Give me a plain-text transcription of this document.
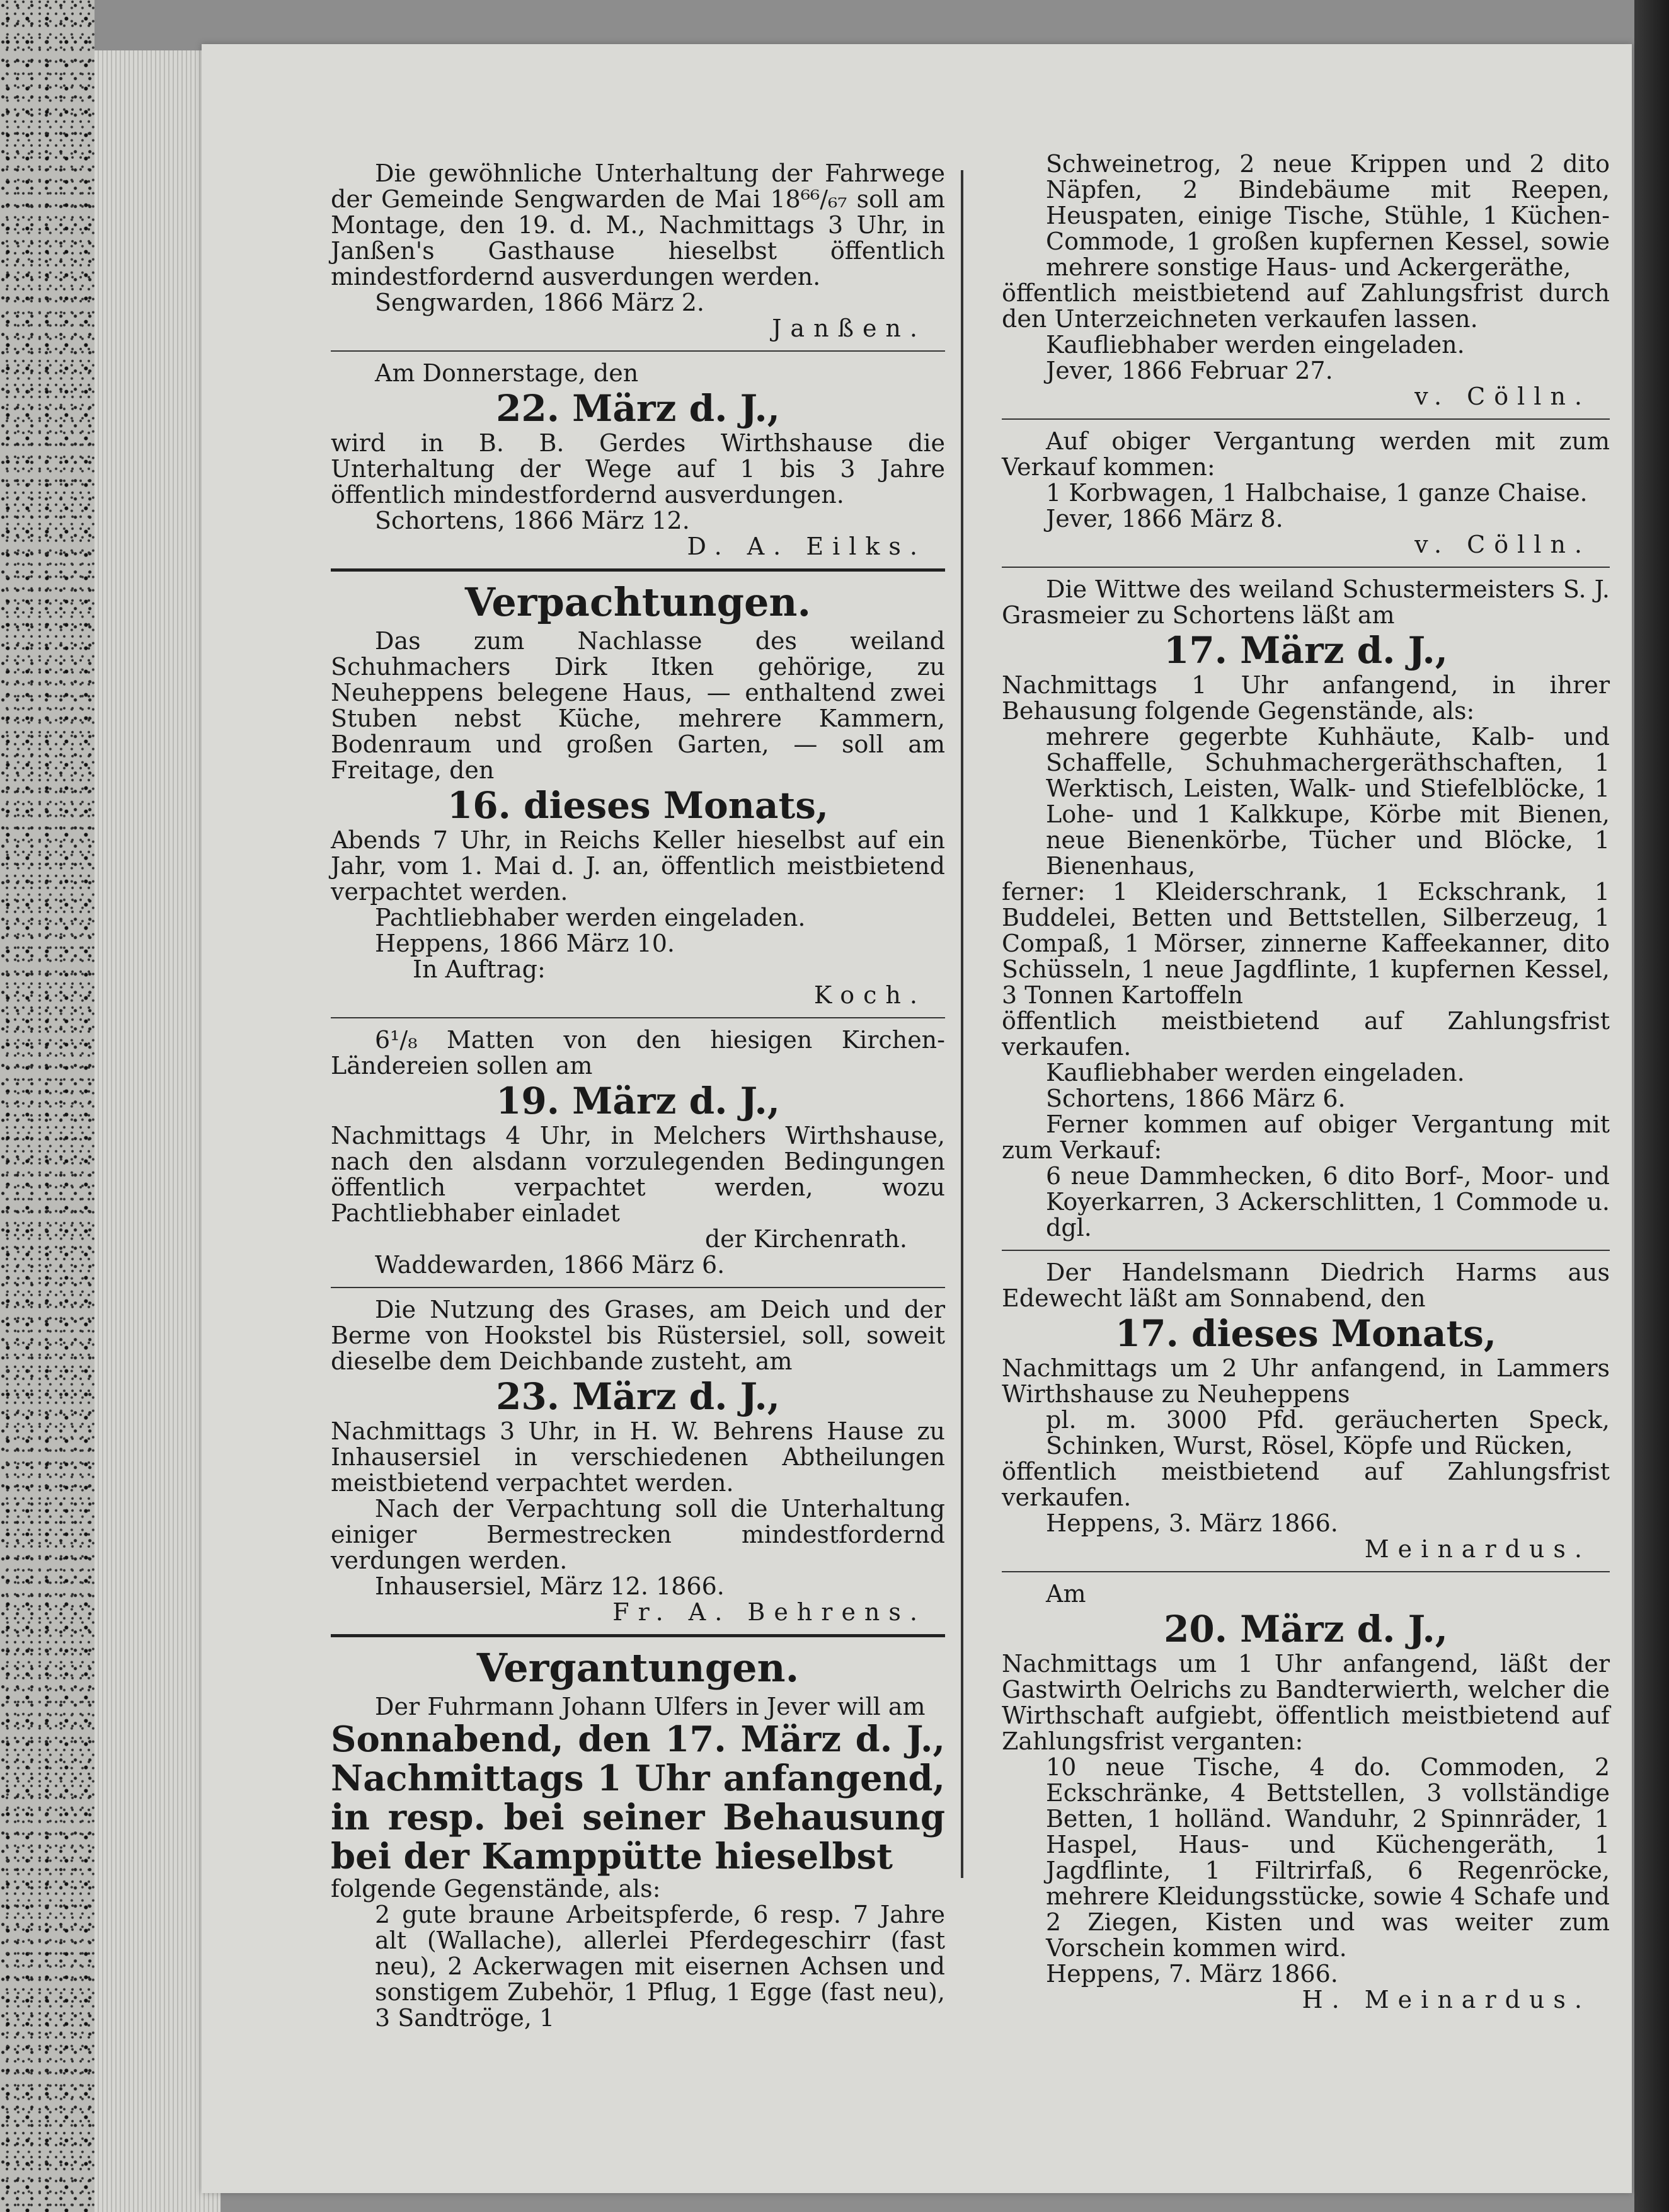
Die gewöhnliche Unterhaltung der Fahrwege der Gemeinde Sengwarden de Mai 18⁶⁶/₆₇ soll am Montage, den 19. d. M., Nachmittags 3 Uhr, in Janßen's Gasthause hieselbst öffentlich mindestfordernd ausverdungen werden.

Sengwarden, 1866 März 2.

Janßen.

Am Donnerstage, den

22. März d. J.,

wird in B. B. Gerdes Wirthshause die Unterhaltung der Wege auf 1 bis 3 Jahre öffentlich mindestfordernd ausverdungen.

Schortens, 1866 März 12.

D. A. Eilks.

Verpachtungen.

Das zum Nachlasse des weiland Schuhmachers Dirk Itken gehörige, zu Neuheppens belegene Haus, — enthaltend zwei Stuben nebst Küche, mehrere Kammern, Bodenraum und großen Garten, — soll am Freitage, den

16. dieses Monats,

Abends 7 Uhr, in Reichs Keller hieselbst auf ein Jahr, vom 1. Mai d. J. an, öffentlich meistbietend verpachtet werden.

Pachtliebhaber werden eingeladen.

Heppens, 1866 März 10.

In Auftrag:

Koch.

6¹/₈ Matten von den hiesigen Kirchen-Ländereien sollen am

19. März d. J.,

Nachmittags 4 Uhr, in Melchers Wirthshause, nach den alsdann vorzulegenden Bedingungen öffentlich verpachtet werden, wozu Pachtliebhaber einladet

der Kirchenrath.

Waddewarden, 1866 März 6.

Die Nutzung des Grases, am Deich und der Berme von Hookstel bis Rüstersiel, soll, soweit dieselbe dem Deichbande zusteht, am

23. März d. J.,

Nachmittags 3 Uhr, in H. W. Behrens Hause zu Inhausersiel in verschiedenen Abtheilungen meistbietend verpachtet werden.

Nach der Verpachtung soll die Unterhaltung einiger Bermestrecken mindestfordernd verdungen werden.

Inhausersiel, März 12. 1866.

Fr. A. Behrens.

Vergantungen.

Der Fuhrmann Johann Ulfers in Jever will am

Sonnabend, den 17. März d. J., Nachmittags 1 Uhr anfangend, in resp. bei seiner Behausung bei der Kamppütte hieselbst

folgende Gegenstände, als:

2 gute braune Arbeitspferde, 6 resp. 7 Jahre alt (Wallache), allerlei Pferdegeschirr (fast neu), 2 Ackerwagen mit eisernen Achsen und sonstigem Zubehör, 1 Pflug, 1 Egge (fast neu), 3 Sandtröge, 1

Schweinetrog, 2 neue Krippen und 2 dito Näpfen, 2 Bindebäume mit Reepen, Heuspaten, einige Tische, Stühle, 1 Küchen-Commode, 1 großen kupfernen Kessel, sowie mehrere sonstige Haus- und Ackergeräthe,

öffentlich meistbietend auf Zahlungsfrist durch den Unterzeichneten verkaufen lassen.

Kaufliebhaber werden eingeladen.

Jever, 1866 Februar 27.

v. Cölln.

Auf obiger Vergantung werden mit zum Verkauf kommen:

1 Korbwagen, 1 Halbchaise, 1 ganze Chaise.

Jever, 1866 März 8.

v. Cölln.

Die Wittwe des weiland Schustermeisters S. J. Grasmeier zu Schortens läßt am

17. März d. J.,

Nachmittags 1 Uhr anfangend, in ihrer Behausung folgende Gegenstände, als:

mehrere gegerbte Kuhhäute, Kalb- und Schaffelle, Schuhmachergeräthschaften, 1 Werktisch, Leisten, Walk- und Stiefelblöcke, 1 Lohe- und 1 Kalkkupe, Körbe mit Bienen, neue Bienenkörbe, Tücher und Blöcke, 1 Bienenhaus,

ferner: 1 Kleiderschrank, 1 Eckschrank, 1 Buddelei, Betten und Bettstellen, Silberzeug, 1 Compaß, 1 Mörser, zinnerne Kaffeekanner, dito Schüsseln, 1 neue Jagdflinte, 1 kupfernen Kessel, 3 Tonnen Kartoffeln

öffentlich meistbietend auf Zahlungsfrist verkaufen.

Kaufliebhaber werden eingeladen.

Schortens, 1866 März 6.

Ferner kommen auf obiger Vergantung mit zum Verkauf:

6 neue Dammhecken, 6 dito Borf-, Moor- und Koyerkarren, 3 Ackerschlitten, 1 Commode u. dgl.

Der Handelsmann Diedrich Harms aus Edewecht läßt am Sonnabend, den

17. dieses Monats,

Nachmittags um 2 Uhr anfangend, in Lammers Wirthshause zu Neuheppens

pl. m. 3000 Pfd. geräucherten Speck, Schinken, Wurst, Rösel, Köpfe und Rücken,

öffentlich meistbietend auf Zahlungsfrist verkaufen.

Heppens, 3. März 1866.

Meinardus.

Am

20. März d. J.,

Nachmittags um 1 Uhr anfangend, läßt der Gastwirth Oelrichs zu Bandterwierth, welcher die Wirthschaft aufgiebt, öffentlich meistbietend auf Zahlungsfrist verganten:

10 neue Tische, 4 do. Commoden, 2 Eckschränke, 4 Bettstellen, 3 vollständige Betten, 1 holländ. Wanduhr, 2 Spinnräder, 1 Haspel, Haus- und Küchengeräth, 1 Jagdflinte, 1 Filtrirfaß, 6 Regenröcke, mehrere Kleidungsstücke, sowie 4 Schafe und 2 Ziegen, Kisten und was weiter zum Vorschein kommen wird.

Heppens, 7. März 1866.

H. Meinardus.
